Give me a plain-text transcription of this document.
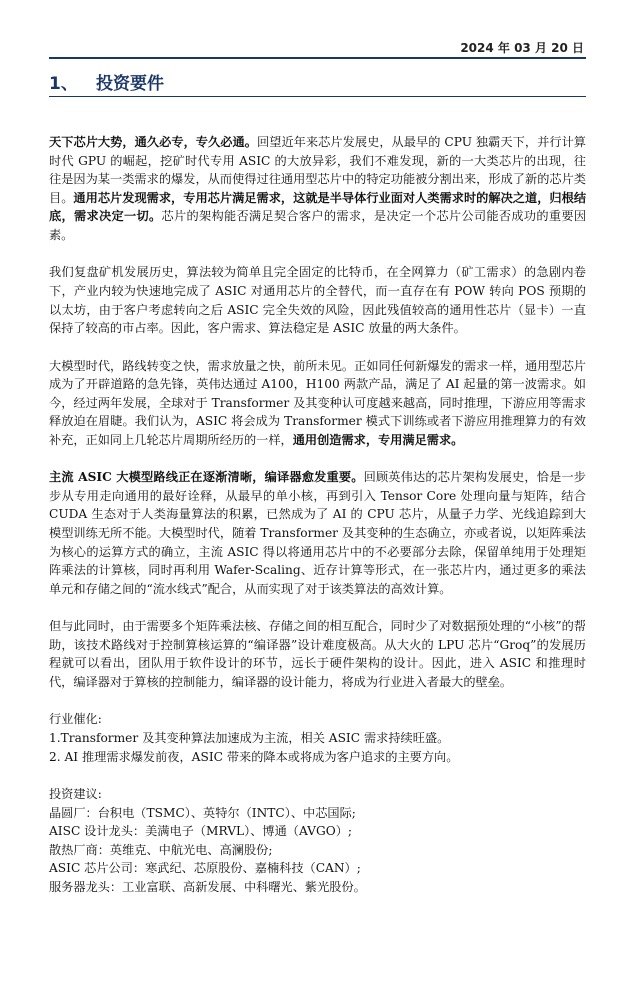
2024 年 03 月 20 日
1、	投资要件

天下芯片大势，通久必专，专久必通。回望近年来芯片发展史，从最早的 CPU 独霸天下，并行计算时代 GPU 的崛起，挖矿时代专用 ASIC 的大放异彩，我们不难发现，新的一大类芯片的出现，往往是因为某一类需求的爆发，从而使得过往通用型芯片中的特定功能被分割出来，形成了新的芯片类目。通用芯片发现需求，专用芯片满足需求，这就是半导体行业面对人类需求时的解决之道，归根结底，需求决定一切。芯片的架构能否满足契合客户的需求，是决定一个芯片公司能否成功的重要因素。

我们复盘矿机发展历史，算法较为简单且完全固定的比特币，在全网算力（矿工需求）的急剧内卷下，产业内较为快速地完成了 ASIC 对通用芯片的全替代，而一直存在有 POW 转向 POS 预期的以太坊，由于客户考虑转向之后 ASIC 完全失效的风险，因此残值较高的通用性芯片（显卡）一直保持了较高的市占率。因此，客户需求、算法稳定是 ASIC 放量的两大条件。

大模型时代，路线转变之快，需求放量之快，前所未见。正如同任何新爆发的需求一样，通用型芯片成为了开辟道路的急先锋，英伟达通过 A100，H100 两款产品，满足了 AI 起量的第一波需求。如今，经过两年发展，全球对于 Transformer 及其变种认可度越来越高，同时推理，下游应用等需求释放迫在眉睫。我们认为，ASIC 将会成为 Transformer 模式下训练或者下游应用推理算力的有效补充，正如同上几轮芯片周期所经历的一样，通用创造需求，专用满足需求。

主流 ASIC 大模型路线正在逐渐清晰，编译器愈发重要。回顾英伟达的芯片架构发展史，恰是一步步从专用走向通用的最好诠释，从最早的单小核，再到引入 Tensor Core 处理向量与矩阵，结合 CUDA 生态对于人类海量算法的积累，已然成为了 AI 的 CPU 芯片，从量子力学、光线追踪到大模型训练无所不能。大模型时代，随着 Transformer 及其变种的生态确立，亦或者说，以矩阵乘法为核心的运算方式的确立，主流 ASIC 得以将通用芯片中的不必要部分去除，保留单纯用于处理矩阵乘法的计算核，同时再利用 Wafer-Scaling、近存计算等形式，在一张芯片内，通过更多的乘法单元和存储之间的“流水线式”配合，从而实现了对于该类算法的高效计算。

但与此同时，由于需要多个矩阵乘法核、存储之间的相互配合，同时少了对数据预处理的“小核”的帮助，该技术路线对于控制算核运算的“编译器”设计难度极高。从大火的 LPU 芯片“Groq”的发展历程就可以看出，团队用于软件设计的环节，远长于硬件架构的设计。因此，进入 ASIC 和推理时代，编译器对于算核的控制能力，编译器的设计能力，将成为行业进入者最大的壁垒。

行业催化:
1.Transformer 及其变种算法加速成为主流，相关 ASIC 需求持续旺盛。
2. AI 推理需求爆发前夜，ASIC 带来的降本或将成为客户追求的主要方向。
投资建议:
晶圆厂：台积电（TSMC）、英特尔（INTC）、中芯国际;
AISC 设计龙头：美满电子（MRVL）、博通（AVGO）;
散热厂商：英维克、中航光电、高澜股份;
ASIC 芯片公司：寒武纪、芯原股份、嘉楠科技（CAN）;
服务器龙头：工业富联、高新发展、中科曙光、紫光股份。
